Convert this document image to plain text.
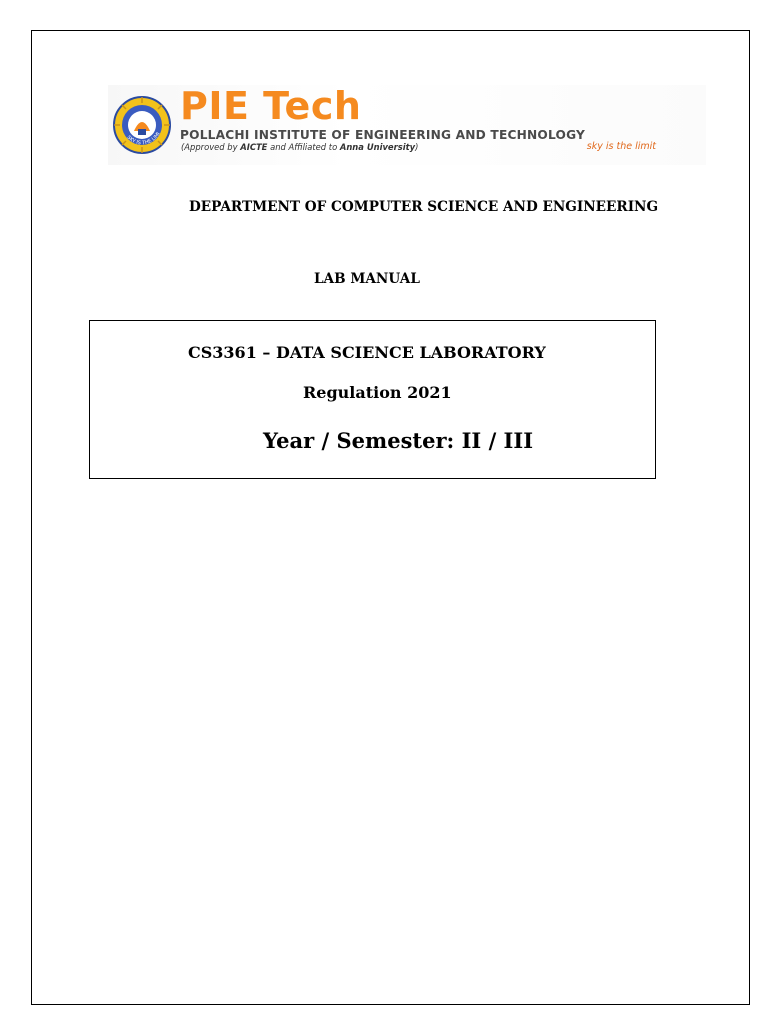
SKY IS THE LIMI
PIE Tech
POLLACHI INSTITUTE OF ENGINEERING AND TECHNOLOGY
(Approved by AICTE and Affiliated to Anna University)	sky is the limit
DEPARTMENT OF COMPUTER SCIENCE AND ENGINEERING
LAB MANUAL
CS3361 – DATA SCIENCE LABORATORY
Regulation 2021
Year / Semester: II / III
